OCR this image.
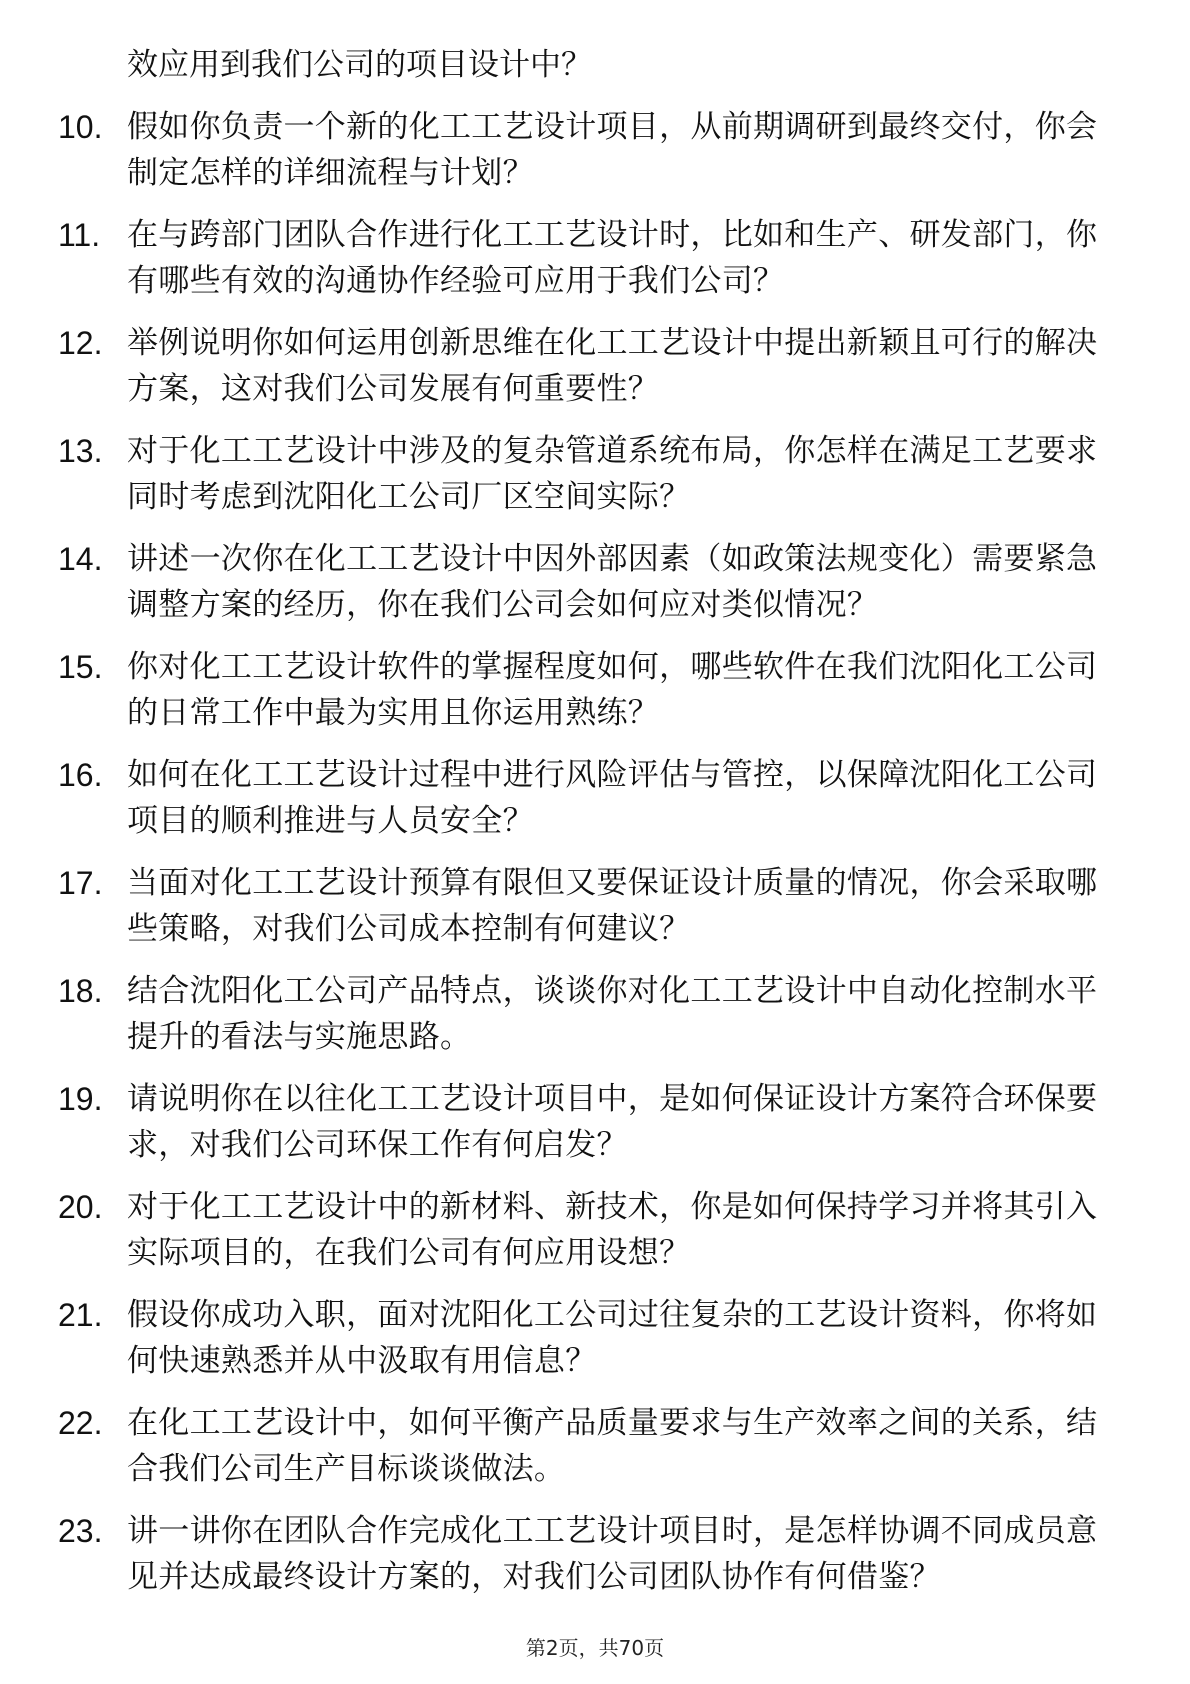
效应用到我们公司的项目设计中？
10. 假如你负责一个新的化工工艺设计项目，从前期调研到最终交付，你会制定怎样的详细流程与计划？
11. 在与跨部门团队合作进行化工工艺设计时，比如和生产、研发部门，你有哪些有效的沟通协作经验可应用于我们公司？
12. 举例说明你如何运用创新思维在化工工艺设计中提出新颖且可行的解决方案，这对我们公司发展有何重要性？
13. 对于化工工艺设计中涉及的复杂管道系统布局，你怎样在满足工艺要求同时考虑到沈阳化工公司厂区空间实际？
14. 讲述一次你在化工工艺设计中因外部因素（如政策法规变化）需要紧急调整方案的经历，你在我们公司会如何应对类似情况？
15. 你对化工工艺设计软件的掌握程度如何，哪些软件在我们沈阳化工公司的日常工作中最为实用且你运用熟练？
16. 如何在化工工艺设计过程中进行风险评估与管控，以保障沈阳化工公司项目的顺利推进与人员安全？
17. 当面对化工工艺设计预算有限但又要保证设计质量的情况，你会采取哪些策略，对我们公司成本控制有何建议？
18. 结合沈阳化工公司产品特点，谈谈你对化工工艺设计中自动化控制水平提升的看法与实施思路。
19. 请说明你在以往化工工艺设计项目中，是如何保证设计方案符合环保要求，对我们公司环保工作有何启发？
20. 对于化工工艺设计中的新材料、新技术，你是如何保持学习并将其引入实际项目的，在我们公司有何应用设想？
21. 假设你成功入职，面对沈阳化工公司过往复杂的工艺设计资料，你将如何快速熟悉并从中汲取有用信息？
22. 在化工工艺设计中，如何平衡产品质量要求与生产效率之间的关系，结合我们公司生产目标谈谈做法。
23. 讲一讲你在团队合作完成化工工艺设计项目时，是怎样协调不同成员意见并达成最终设计方案的，对我们公司团队协作有何借鉴？
第2页，共70页
